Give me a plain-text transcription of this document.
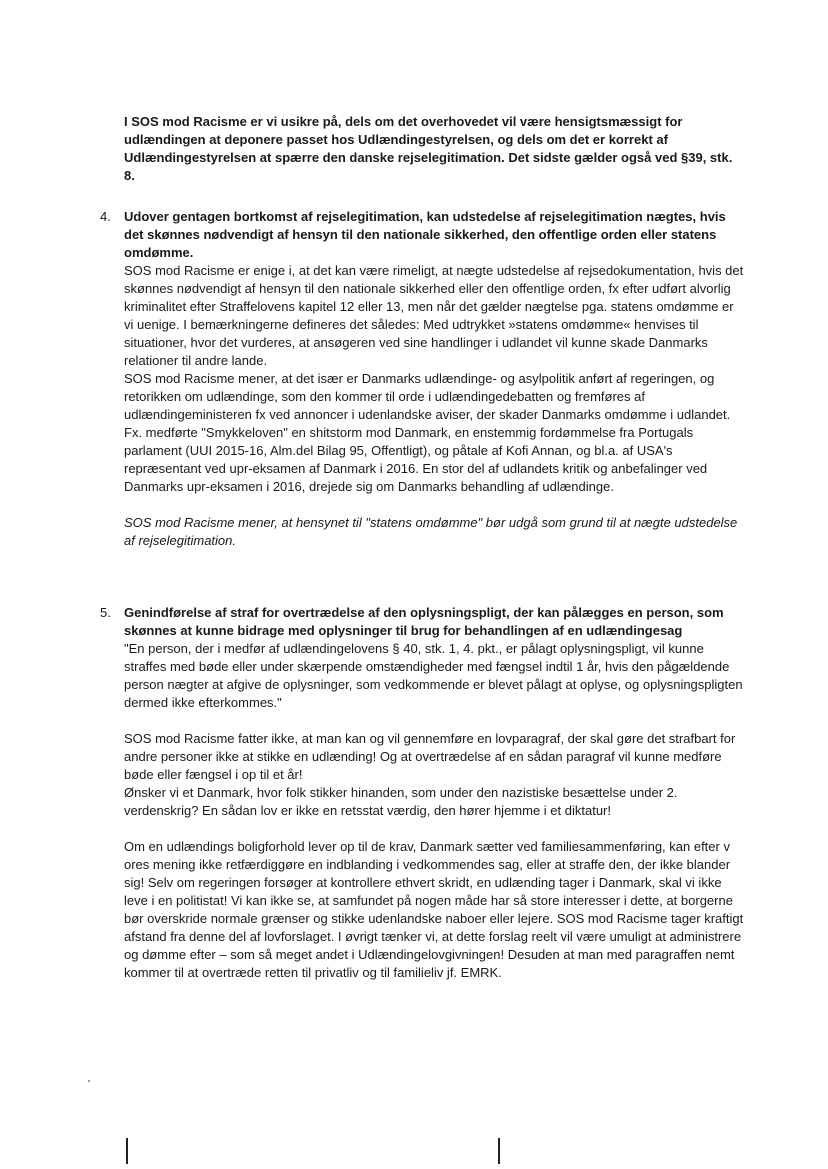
I SOS mod Racisme er vi usikre på, dels om det overhovedet vil være hensigtsmæssigt for udlændingen at deponere passet hos Udlændingestyrelsen, og dels om det er korrekt af Udlændingestyrelsen at spærre den danske rejselegitimation. Det sidste gælder også ved §39, stk. 8.
4. Udover gentagen bortkomst af rejselegitimation, kan udstedelse af rejselegitimation nægtes, hvis det skønnes nødvendigt af hensyn til den nationale sikkerhed, den offentlige orden eller statens omdømme.
SOS mod Racisme er enige i, at det kan være rimeligt, at nægte udstedelse af rejsedokumentation, hvis det skønnes nødvendigt af hensyn til den nationale sikkerhed eller den offentlige orden, fx efter udført alvorlig kriminalitet efter Straffelovens kapitel 12 eller 13, men når det gælder nægtelse pga. statens omdømme er vi uenige. I bemærkningerne defineres det således: Med udtrykket »statens omdømme« henvises til situationer, hvor det vurderes, at ansøgeren ved sine handlinger i udlandet vil kunne skade Danmarks relationer til andre lande.
SOS mod Racisme mener, at det især er Danmarks udlændinge- og asylpolitik anført af regeringen, og retorikken om udlændinge, som den kommer til orde i udlændingedebatten og fremføres af udlændingeministeren fx ved annoncer i udenlandske aviser, der skader Danmarks omdømme i udlandet.
Fx. medførte "Smykkeloven" en shitstorm mod Danmark, en enstemmig fordømmelse fra Portugals parlament (UUI 2015-16, Alm.del Bilag 95, Offentligt), og påtale af Kofi Annan, og bl.a. af USA's repræsentant ved upr-eksamen af Danmark i 2016. En stor del af udlandets kritik og anbefalinger ved Danmarks upr-eksamen i 2016, drejede sig om Danmarks behandling af udlændinge.
SOS mod Racisme mener, at hensynet til "statens omdømme" bør udgå som grund til at nægte udstedelse af rejselegitimation.
5. Genindførelse af straf for overtrædelse af den oplysningspligt, der kan pålægges en person, som skønnes at kunne bidrage med oplysninger til brug for behandlingen af en udlændingesag
"En person, der i medfør af udlændingelovens § 40, stk. 1, 4. pkt., er pålagt oplysningspligt, vil kunne straffes med bøde eller under skærpende omstændigheder med fængsel indtil 1 år, hvis den pågældende person nægter at afgive de oplysninger, som vedkommende er blevet pålagt at oplyse, og oplysningspligten dermed ikke efterkommes."
SOS mod Racisme fatter ikke, at man kan og vil gennemføre en lovparagraf, der skal gøre det strafbart for andre personer ikke at stikke en udlænding! Og at overtrædelse af en sådan paragraf vil kunne medføre bøde eller fængsel i op til et år!
Ønsker vi et Danmark, hvor folk stikker hinanden, som under den nazistiske besættelse under 2. verdenskrig? En sådan lov er ikke en retsstat værdig, den hører hjemme i et diktatur!
Om en udlændings boligforhold lever op til de krav, Danmark sætter ved familiesammenføring, kan efter v ores mening ikke retfærdiggøre en indblanding i vedkommendes sag, eller at straffe den, der ikke blander sig! Selv om regeringen forsøger at kontrollere ethvert skridt, en udlænding tager i Danmark, skal vi ikke leve i en politistat! Vi kan ikke se, at samfundet på nogen måde har så store interesser i dette, at borgerne bør overskride normale grænser og stikke udenlandske naboer eller lejere. SOS mod Racisme tager kraftigt afstand fra denne del af lovforslaget. I øvrigt tænker vi, at dette forslag reelt vil være umuligt at administrere og dømme efter – som så meget andet i Udlændingelovgivningen! Desuden at man med paragraffen nemt kommer til at overtræde retten til privatliv og til familieliv jf. EMRK.
